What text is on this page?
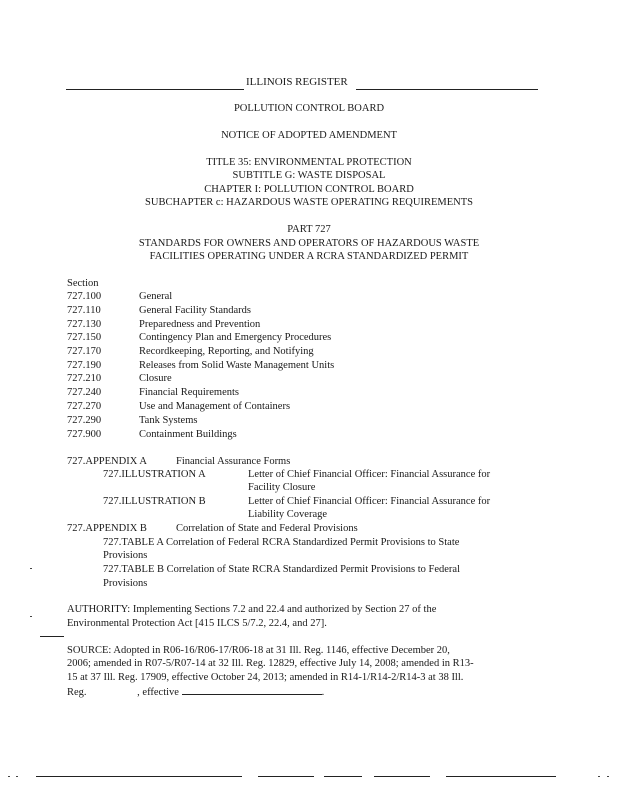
ILLINOIS REGISTER
POLLUTION CONTROL BOARD
NOTICE OF ADOPTED AMENDMENT
TITLE 35: ENVIRONMENTAL PROTECTION
SUBTITLE G: WASTE DISPOSAL
CHAPTER I: POLLUTION CONTROL BOARD
SUBCHAPTER c: HAZARDOUS WASTE OPERATING REQUIREMENTS
PART 727
STANDARDS FOR OWNERS AND OPERATORS OF HAZARDOUS WASTE
FACILITIES OPERATING UNDER A RCRA STANDARDIZED PERMIT
Section
727.100	General
727.110	General Facility Standards
727.130	Preparedness and Prevention
727.150	Contingency Plan and Emergency Procedures
727.170	Recordkeeping, Reporting, and Notifying
727.190	Releases from Solid Waste Management Units
727.210	Closure
727.240	Financial Requirements
727.270	Use and Management of Containers
727.290	Tank Systems
727.900	Containment Buildings
727.APPENDIX A	Financial Assurance Forms
727.ILLUSTRATION A	Letter of Chief Financial Officer: Financial Assurance for
Facility Closure
727.ILLUSTRATION B	Letter of Chief Financial Officer: Financial Assurance for
Liability Coverage
727.APPENDIX B	Correlation of State and Federal Provisions
727.TABLE A Correlation of Federal RCRA Standardized Permit Provisions to State
Provisions
727.TABLE B Correlation of State RCRA Standardized Permit Provisions to Federal
Provisions
AUTHORITY: Implementing Sections 7.2 and 22.4 and authorized by Section 27 of the
Environmental Protection Act [415 ILCS 5/7.2, 22.4, and 27].
SOURCE: Adopted in R06-16/R06-17/R06-18 at 31 Ill. Reg. 1146, effective December 20,
2006; amended in R07-5/R07-14 at 32 Ill. Reg. 12829, effective July 14, 2008; amended in R13-
15 at 37 Ill. Reg. 17909, effective October 24, 2013; amended in R14-1/R14-2/R14-3 at 38 Ill.
Reg.	, effective	.
